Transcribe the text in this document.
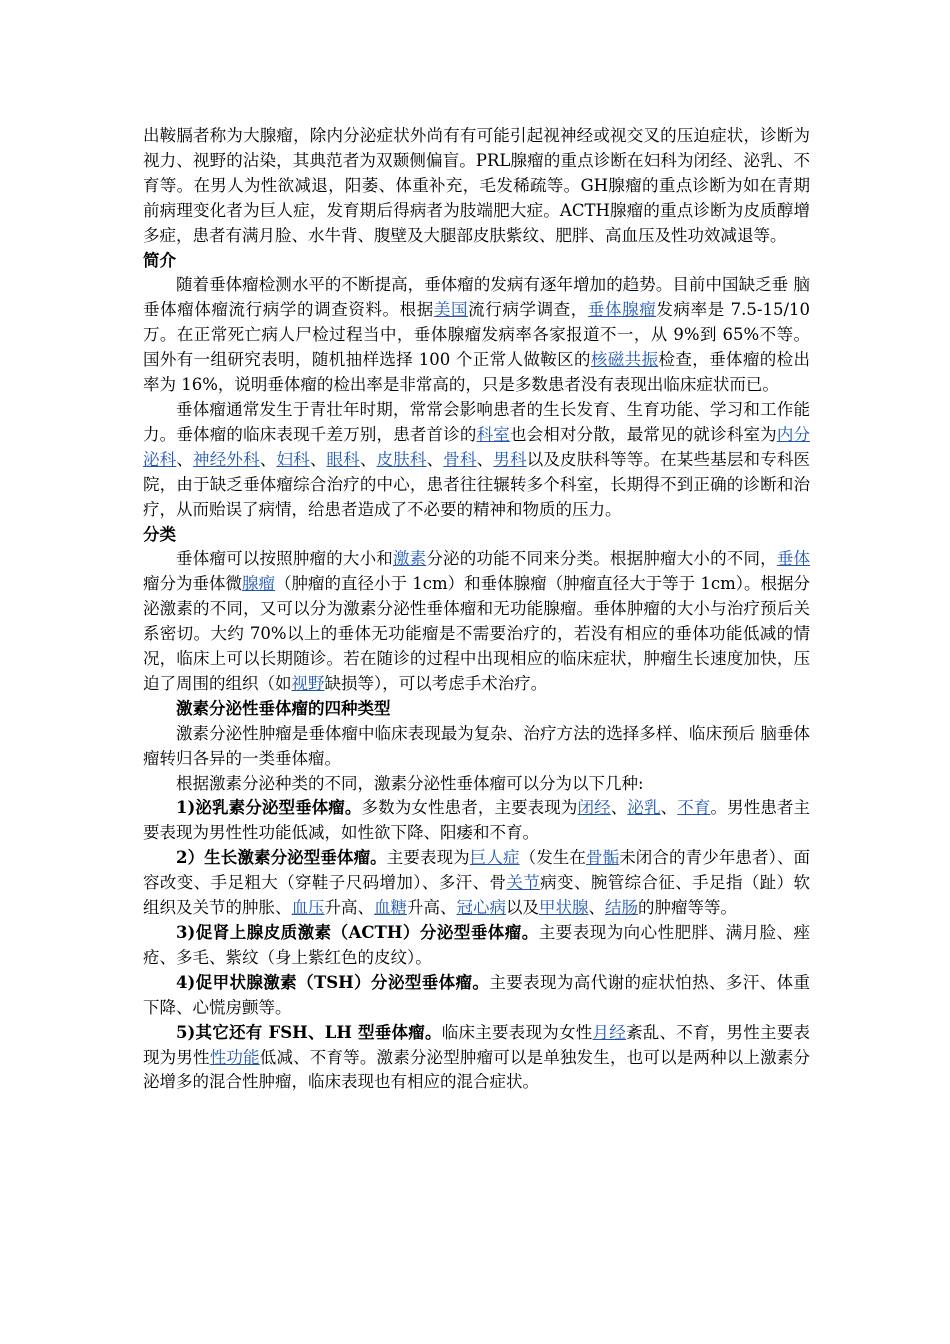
出鞍膈者称为大腺瘤，除内分泌症状外尚有有可能引起视神经或视交叉的压迫症状，诊断为视力、视野的沾染，其典范者为双颞侧偏盲。PRL腺瘤的重点诊断在妇科为闭经、泌乳、不育等。在男人为性欲减退，阳萎、体重补充，毛发稀疏等。GH腺瘤的重点诊断为如在青期前病理变化者为巨人症，发育期后得病者为肢端肥大症。ACTH腺瘤的重点诊断为皮质醇增多症，患者有满月脸、水牛背、腹壁及大腿部皮肤紫纹、肥胖、高血压及性功效减退等。

简介

随着垂体瘤检测水平的不断提高，垂体瘤的发病有逐年增加的趋势。目前中国缺乏垂 脑垂体瘤体瘤流行病学的调查资料。根据美国流行病学调查，垂体腺瘤发病率是 7.5-15/10 万。在正常死亡病人尸检过程当中，垂体腺瘤发病率各家报道不一，从 9%到 65%不等。国外有一组研究表明，随机抽样选择 100 个正常人做鞍区的核磁共振检查，垂体瘤的检出率为 16%，说明垂体瘤的检出率是非常高的，只是多数患者没有表现出临床症状而已。

垂体瘤通常发生于青壮年时期，常常会影响患者的生长发育、生育功能、学习和工作能力。垂体瘤的临床表现千差万别，患者首诊的科室也会相对分散，最常见的就诊科室为内分泌科、神经外科、妇科、眼科、皮肤科、骨科、男科以及皮肤科等等。在某些基层和专科医院，由于缺乏垂体瘤综合治疗的中心，患者往往辗转多个科室，长期得不到正确的诊断和治疗，从而贻误了病情，给患者造成了不必要的精神和物质的压力。

分类

垂体瘤可以按照肿瘤的大小和激素分泌的功能不同来分类。根据肿瘤大小的不同，垂体瘤分为垂体微腺瘤（肿瘤的直径小于 1cm）和垂体腺瘤（肿瘤直径大于等于 1cm）。根据分泌激素的不同，又可以分为激素分泌性垂体瘤和无功能腺瘤。垂体肿瘤的大小与治疗预后关系密切。大约 70%以上的垂体无功能瘤是不需要治疗的，若没有相应的垂体功能低减的情况，临床上可以长期随诊。若在随诊的过程中出现相应的临床症状，肿瘤生长速度加快，压迫了周围的组织（如视野缺损等），可以考虑手术治疗。

激素分泌性垂体瘤的四种类型

激素分泌性肿瘤是垂体瘤中临床表现最为复杂、治疗方法的选择多样、临床预后 脑垂体瘤转归各异的一类垂体瘤。

根据激素分泌种类的不同，激素分泌性垂体瘤可以分为以下几种:

1)泌乳素分泌型垂体瘤。多数为女性患者，主要表现为闭经、泌乳、不育。男性患者主要表现为男性性功能低减，如性欲下降、阳痿和不育。

2）生长激素分泌型垂体瘤。主要表现为巨人症（发生在骨骺未闭合的青少年患者）、面容改变、手足粗大（穿鞋子尺码增加）、多汗、骨关节病变、腕管综合征、手足指（趾）软组织及关节的肿胀、血压升高、血糖升高、冠心病以及甲状腺、结肠的肿瘤等等。

3)促肾上腺皮质激素（ACTH）分泌型垂体瘤。主要表现为向心性肥胖、满月脸、痤疮、多毛、紫纹（身上紫红色的皮纹）。

4)促甲状腺激素（TSH）分泌型垂体瘤。主要表现为高代谢的症状怕热、多汗、体重下降、心慌房颤等。

5)其它还有 FSH、LH 型垂体瘤。临床主要表现为女性月经紊乱、不育，男性主要表现为男性性功能低减、不育等。激素分泌型肿瘤可以是单独发生，也可以是两种以上激素分泌增多的混合性肿瘤，临床表现也有相应的混合症状。
